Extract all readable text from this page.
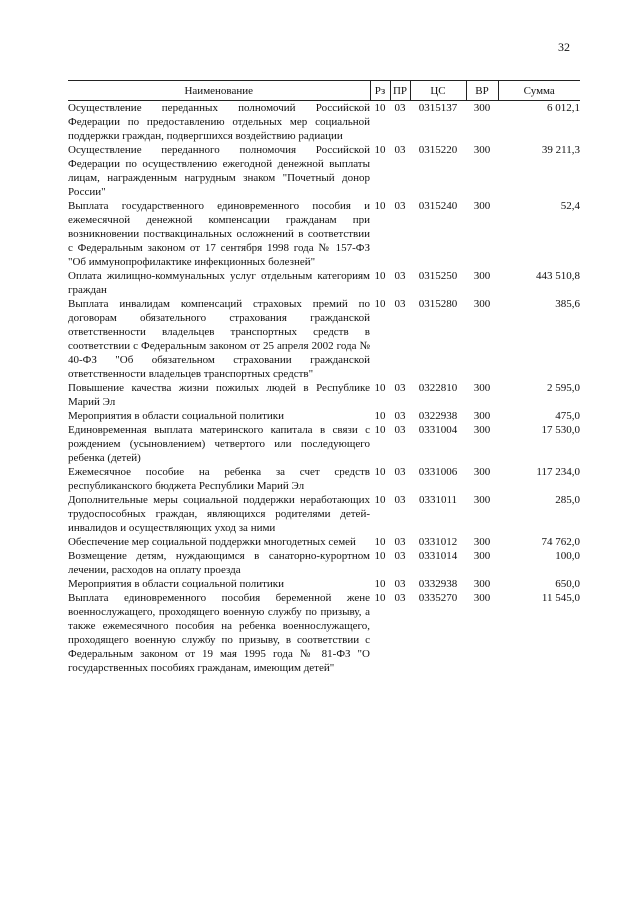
32
Наименование	Рз	ПР	ЦС	ВР	Сумма
Осуществление переданных полномочий Российской Федерации по предоставлению отдельных мер социальной поддержки граждан, подвергшихся воздействию радиации	10	03	0315137	300	6 012,1
Осуществление переданного полномочия Российской Федерации по осуществлению ежегодной денежной выплаты лицам, награжденным нагрудным знаком "Почетный донор России"	10	03	0315220	300	39 211,3
Выплата государственного единовременного пособия и ежемесячной денежной компенсации гражданам при возникновении поствакцинальных осложнений в соответствии с Федеральным законом от 17 сентября 1998 года № 157-ФЗ "Об иммунопрофилактике инфекционных болезней"	10	03	0315240	300	52,4
Оплата жилищно-коммунальных услуг отдельным категориям граждан	10	03	0315250	300	443 510,8
Выплата инвалидам компенсаций страховых премий по договорам обязательного страхования гражданской ответственности владельцев транспортных средств в соответствии с Федеральным законом от 25 апреля 2002 года № 40-ФЗ "Об обязательном страховании гражданской ответственности владельцев транспортных средств"	10	03	0315280	300	385,6
Повышение качества жизни пожилых людей в Республике Марий Эл	10	03	0322810	300	2 595,0
Мероприятия в области социальной политики	10	03	0322938	300	475,0
Единовременная выплата материнского капитала в связи с рождением (усыновлением) четвертого или последующего ребенка (детей)	10	03	0331004	300	17 530,0
Ежемесячное пособие на ребенка за счет средств республиканского бюджета Республики Марий Эл	10	03	0331006	300	117 234,0
Дополнительные меры социальной поддержки неработающих трудоспособных граждан, являющихся родителями детей-инвалидов и осуществляющих уход за ними	10	03	0331011	300	285,0
Обеспечение мер социальной поддержки многодетных семей	10	03	0331012	300	74 762,0
Возмещение детям, нуждающимся в санаторно-курортном лечении, расходов на оплату проезда	10	03	0331014	300	100,0
Мероприятия в области социальной политики	10	03	0332938	300	650,0
Выплата единовременного пособия беременной жене военнослужащего, проходящего военную службу по призыву, а также ежемесячного пособия на ребенка военнослужащего, проходящего военную службу по призыву, в соответствии с Федеральным законом от 19 мая 1995 года № 81-ФЗ "О государственных пособиях гражданам, имеющим детей"	10	03	0335270	300	11 545,0
